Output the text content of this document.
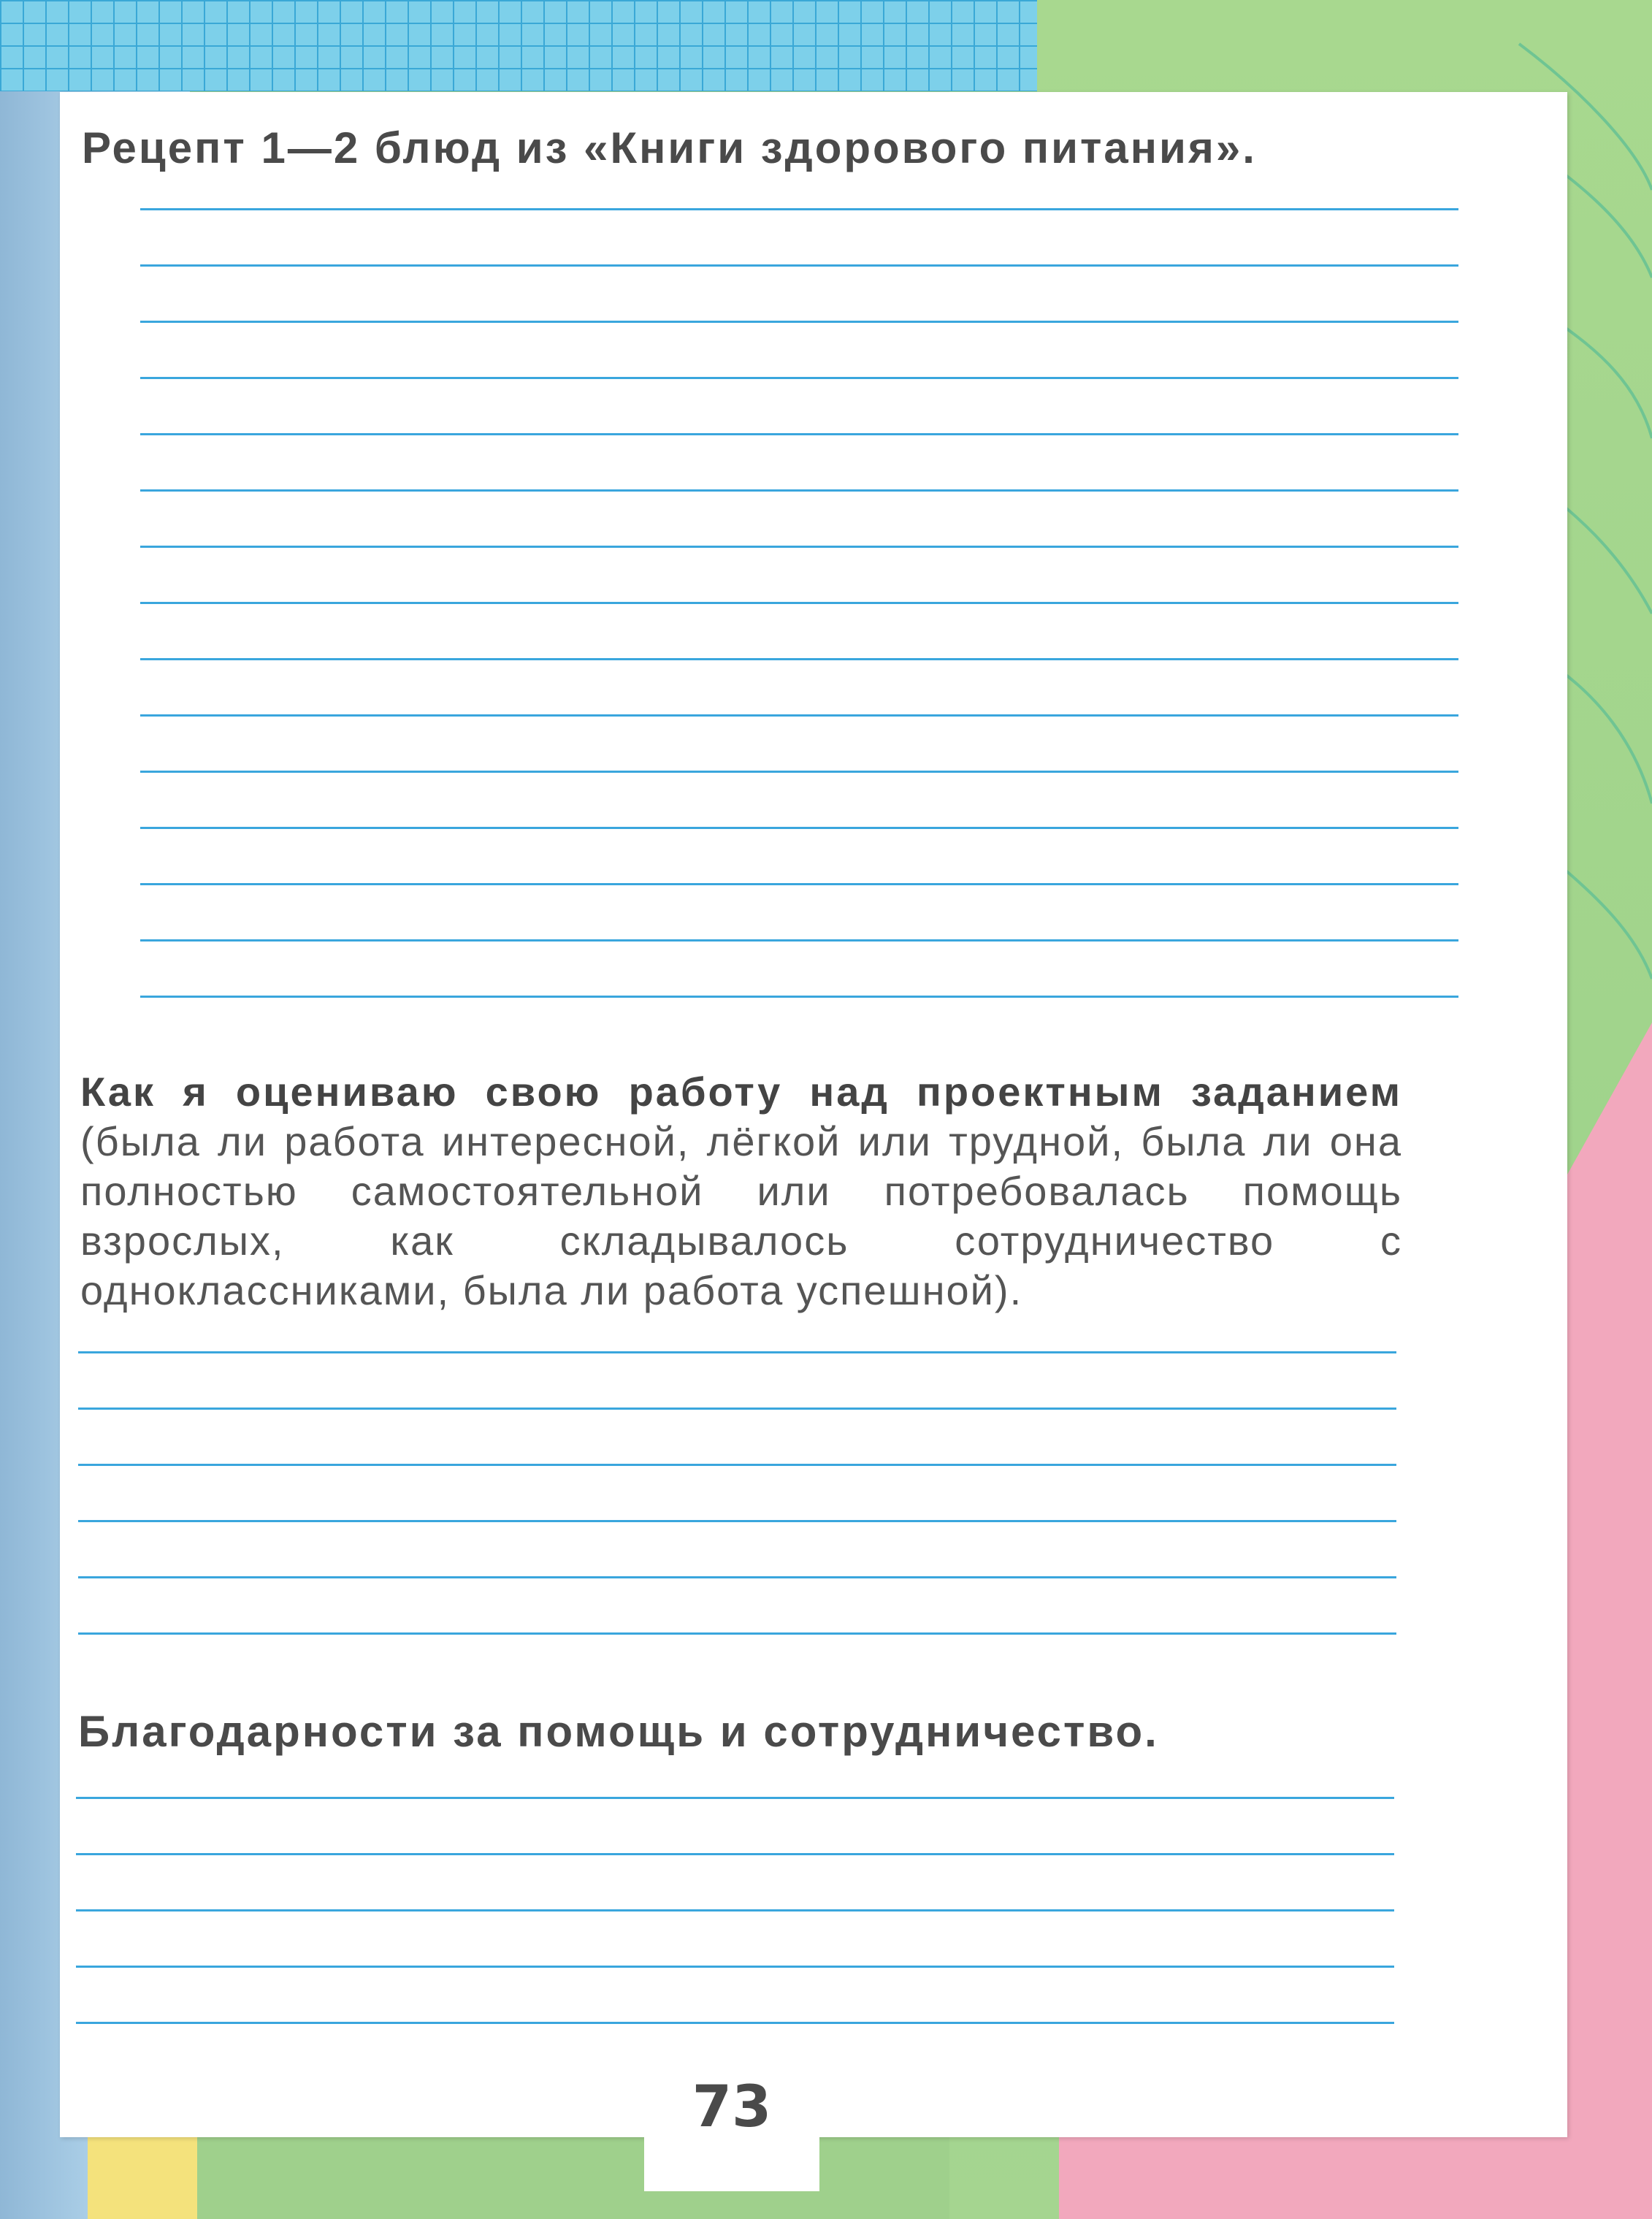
Рецепт 1—2 блюд из «Книги здорового питания».

Как я оцениваю свою работу над проектным заданием (была ли работа интересной, лёгкой или трудной, была ли она полностью самостоятельной или потребовалась помощь взрослых, как складывалось сотрудничество с одноклассниками, была ли работа успешной).

Благодарности за помощь и сотрудничество.

73
